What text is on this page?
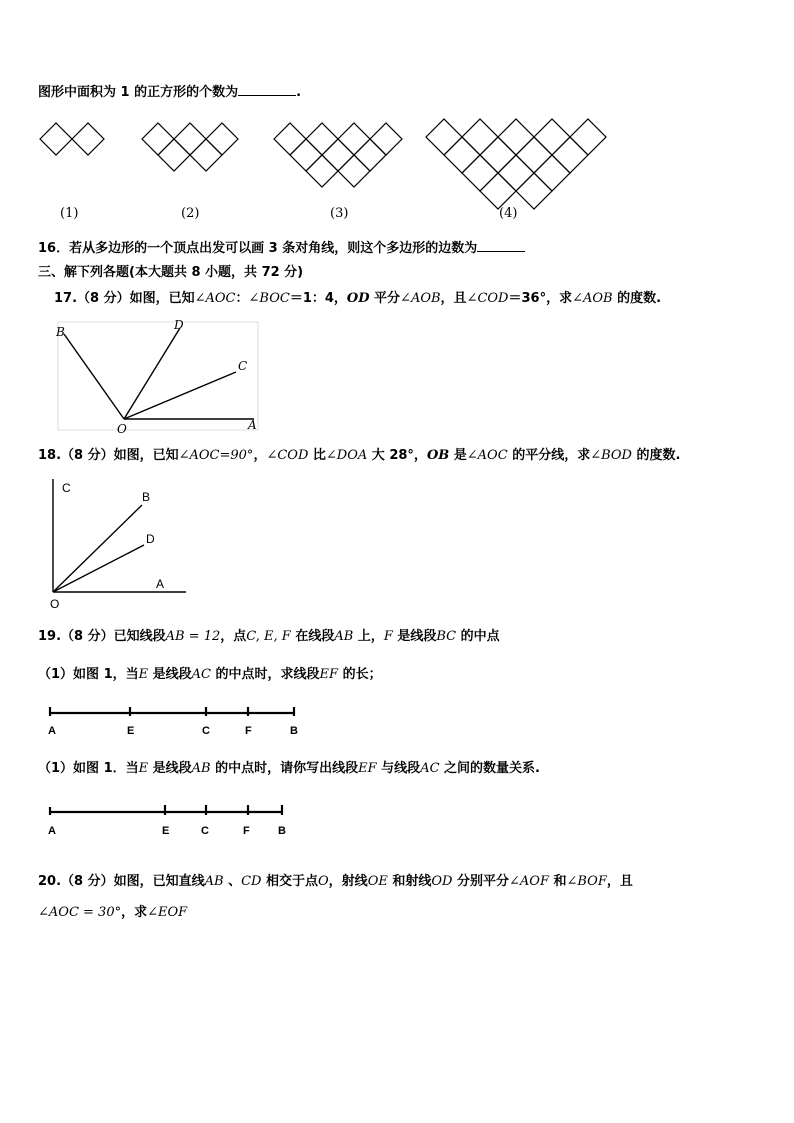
图形中面积为 1 的正方形的个数为	.
(1)	(2)	(3)	(4)
16．若从多边形的一个顶点出发可以画 3 条对角线，则这个多边形的边数为
三、解下列各题(本大题共 8 小题，共 72 分)
17.（8 分）如图，已知∠AOC：∠BOC＝1：4，OD 平分∠AOB，且∠COD＝36°，求∠AOB 的度数.
B	D
C
O	A
18.（8 分）如图，已知∠AOC=90°，∠COD 比∠DOA 大 28°，OB 是∠AOC 的平分线，求∠BOD 的度数.
C
B
D
A
O
19.（8 分）已知线段AB = 12，点C, E, F 在线段AB 上，F 是线段BC 的中点
（1）如图 1，当E 是线段AC 的中点时，求线段EF 的长；
A	E	C	F	B
（1）如图 1．当E 是线段AB 的中点时，请你写出线段EF 与线段AC 之间的数量关系.
A	E	C	F	B
20.（8 分）如图，已知直线AB 、CD 相交于点O，射线OE 和射线OD 分别平分∠AOF 和∠BOF，且
∠AOC = 30°，求∠EOF
